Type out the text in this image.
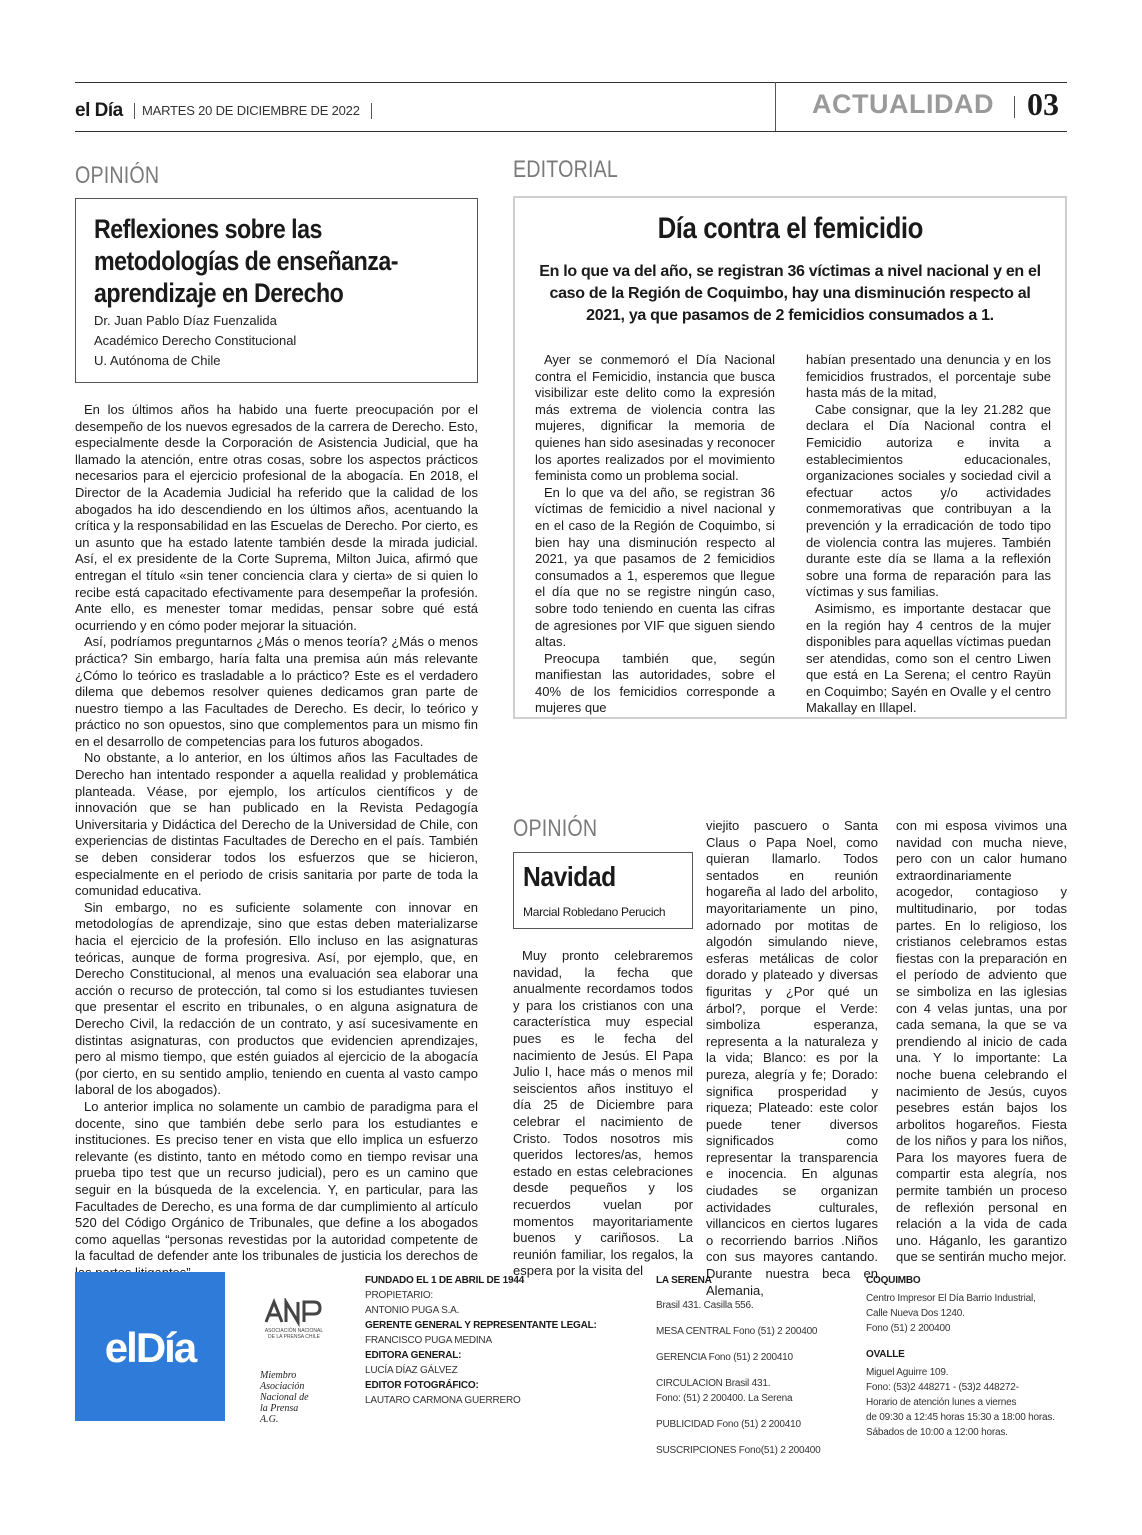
el Día MARTES 20 DE DICIEMBRE DE 2022	ACTUALIDAD 03
OPINIÓN
Reflexiones sobre las metodologías de enseñanza-aprendizaje en Derecho
Dr. Juan Pablo Díaz Fuenzalida
Académico Derecho Constitucional
U. Autónoma de Chile

En los últimos años ha habido una fuerte preocupación por el desempeño de los nuevos egresados de la carrera de Derecho. Esto, especialmente desde la Corporación de Asistencia Judicial, que ha llamado la atención, entre otras cosas, sobre los aspectos prácticos necesarios para el ejercicio profesional de la abogacía. En 2018, el Director de la Academia Judicial ha referido que la calidad de los abogados ha ido descendiendo en los últimos años, acentuando la crítica y la responsabilidad en las Escuelas de Derecho. Por cierto, es un asunto que ha estado latente también desde la mirada judicial. Así, el ex presidente de la Corte Suprema, Milton Juica, afirmó que entregan el título «sin tener conciencia clara y cierta» de si quien lo recibe está capacitado efectivamente para desempeñar la profesión. Ante ello, es menester tomar medidas, pensar sobre qué está ocurriendo y en cómo poder mejorar la situación.

Así, podríamos preguntarnos ¿Más o menos teoría? ¿Más o menos práctica? Sin embargo, haría falta una premisa aún más relevante ¿Cómo lo teórico es trasladable a lo práctico? Este es el verdadero dilema que debemos resolver quienes dedicamos gran parte de nuestro tiempo a las Facultades de Derecho. Es decir, lo teórico y práctico no son opuestos, sino que complementos para un mismo fin en el desarrollo de competencias para los futuros abogados.

No obstante, a lo anterior, en los últimos años las Facultades de Derecho han intentado responder a aquella realidad y problemática planteada. Véase, por ejemplo, los artículos científicos y de innovación que se han publicado en la Revista Pedagogía Universitaria y Didáctica del Derecho de la Universidad de Chile, con experiencias de distintas Facultades de Derecho en el país. También se deben considerar todos los esfuerzos que se hicieron, especialmente en el periodo de crisis sanitaria por parte de toda la comunidad educativa.

Sin embargo, no es suficiente solamente con innovar en metodologías de aprendizaje, sino que estas deben materializarse hacia el ejercicio de la profesión. Ello incluso en las asignaturas teóricas, aunque de forma progresiva. Así, por ejemplo, que, en Derecho Constitucional, al menos una evaluación sea elaborar una acción o recurso de protección, tal como si los estudiantes tuviesen que presentar el escrito en tribunales, o en alguna asignatura de Derecho Civil, la redacción de un contrato, y así sucesivamente en distintas asignaturas, con productos que evidencien aprendizajes, pero al mismo tiempo, que estén guiados al ejercicio de la abogacía (por cierto, en su sentido amplio, teniendo en cuenta al vasto campo laboral de los abogados).

Lo anterior implica no solamente un cambio de paradigma para el docente, sino que también debe serlo para los estudiantes e instituciones. Es preciso tener en vista que ello implica un esfuerzo relevante (es distinto, tanto en método como en tiempo revisar una prueba tipo test que un recurso judicial), pero es un camino que seguir en la búsqueda de la excelencia. Y, en particular, para las Facultades de Derecho, es una forma de dar cumplimiento al artículo 520 del Código Orgánico de Tribunales, que define a los abogados como aquellas “personas revestidas por la autoridad competente de la facultad de defender ante los tribunales de justicia los derechos de

EDITORIAL
Día contra el femicidio
En lo que va del año, se registran 36 víctimas a nivel nacional y en el caso de la Región de Coquimbo, hay una disminución respecto al 2021, ya que pasamos de 2 femicidios consumados a 1.

Ayer se conmemoró el Día Nacional contra el Femicidio, instancia que busca visibilizar este delito como la expresión más extrema de violencia contra las mujeres, dignificar la memoria de quienes han sido asesinadas y reconocer los aportes realizados por el movimiento feminista como un problema social.

En lo que va del año, se registran 36 víctimas de femicidio a nivel nacional y en el caso de la Región de Coquimbo, si bien hay una disminución respecto al 2021, ya que pasamos de 2 femicidios consumados a 1, esperemos que llegue el día que no se registre ningún caso, sobre todo teniendo en cuenta las cifras de agresiones por VIF que siguen siendo altas.

Preocupa también que, según manifiestan las autoridades, sobre el 40% de los femicidios corresponde a mujeres que

habían presentado una denuncia y en los femicidios frustrados, el porcentaje sube hasta más de la mitad,

Cabe consignar, que la ley 21.282 que declara el Día Nacional contra el Femicidio autoriza e invita a establecimientos educacionales, organizaciones sociales y sociedad civil a efectuar actos y/o actividades conmemorativas que contribuyan a la prevención y la erradicación de todo tipo de violencia contra las mujeres. También durante este día se llama a la reflexión sobre una forma de reparación para las víctimas y sus familias.

Asimismo, es importante destacar que en la región hay 4 centros de la mujer disponibles para aquellas víctimas puedan ser atendidas, como son el centro Liwen que está en La Serena; el centro Rayün en Coquimbo; Sayén en Ovalle y el centro Makallay en Illapel.

OPINIÓN
Navidad
Marcial Robledano Perucich

Muy pronto celebraremos navidad, la fecha que anualmente recordamos todos y para los cristianos con una característica muy especial pues es le fecha del nacimiento de Jesús. El Papa Julio I, hace más o menos mil seiscientos años instituyo el día 25 de Diciembre para celebrar el nacimiento de Cristo. Todos nosotros mis queridos lectores/as, hemos estado en estas celebraciones desde pequeños y los recuerdos vuelan por momentos mayoritariamente buenos y cariñosos. La reunión familiar, los regalos, la espera por la visita del

viejito pascuero o Santa Claus o Papa Noel, como quieran llamarlo. Todos sentados en reunión hogareña al lado del arbolito, mayoritariamente un pino, adornado por motitas de algodón simulando nieve, esferas metálicas de color dorado y plateado y diversas figuritas y ¿Por qué un árbol?, porque el Verde: simboliza esperanza, representa a la naturaleza y la vida; Blanco: es por la pureza, alegría y fe; Dorado: significa prosperidad y riqueza; Plateado: este color puede tener diversos significados como representar la transparencia e inocencia. En algunas ciudades se organizan actividades culturales, villancicos en ciertos lugares o recorriendo barrios .Niños con sus mayores cantando. Durante nuestra beca en Alemania,

con mi esposa vivimos una navidad con mucha nieve, pero con un calor humano extraordinariamente acogedor, contagioso y multitudinario, por todas partes. En lo religioso, los cristianos celebramos estas fiestas con la preparación en el período de adviento que se simboliza en las iglesias con 4 velas juntas, una por cada semana, la que se va prendiendo al inicio de cada una. Y lo importante: La noche buena celebrando el nacimiento de Jesús, cuyos pesebres están bajos los arbolitos hogareños. Fiesta de los niños y para los niños, Para los mayores fuera de compartir esta alegría, nos permite también un proceso de reflexión personal en relación a la vida de cada uno. Háganlo, les garantizo que se sentirán mucho mejor.

elDía	ASOCIACIÓN NACIONAL DE LA PRENSA CHILE
Miembro Asociación Nacional de la Prensa A.G.
FUNDADO EL 1 DE ABRIL DE 1944
PROPIETARIO:
ANTONIO PUGA S.A.
GERENTE GENERAL Y REPRESENTANTE LEGAL:
FRANCISCO PUGA MEDINA
EDITORA GENERAL:
LUCÍA DÍAZ GÁLVEZ
EDITOR FOTOGRÁFICO:
LAUTARO CARMONA GUERRERO
LA SERENA
Brasil 431. Casilla 556.
MESA CENTRAL Fono (51) 2 200400
GERENCIA Fono (51) 2 200410
CIRCULACION Brasil 431.
Fono: (51) 2 200400. La Serena
PUBLICIDAD Fono (51) 2 200410
SUSCRIPCIONES Fono(51) 2 200400
COQUIMBO
Centro Impresor El Día Barrio Industrial,
Calle Nueva Dos 1240.
Fono (51) 2 200400
OVALLE
Miguel Aguirre 109.
Fono: (53)2 448271 - (53)2 448272-
Horario de atención lunes a viernes
de 09:30 a 12:45 horas 15:30 a 18:00 horas.
Sábados de 10:00 a 12:00 horas.
